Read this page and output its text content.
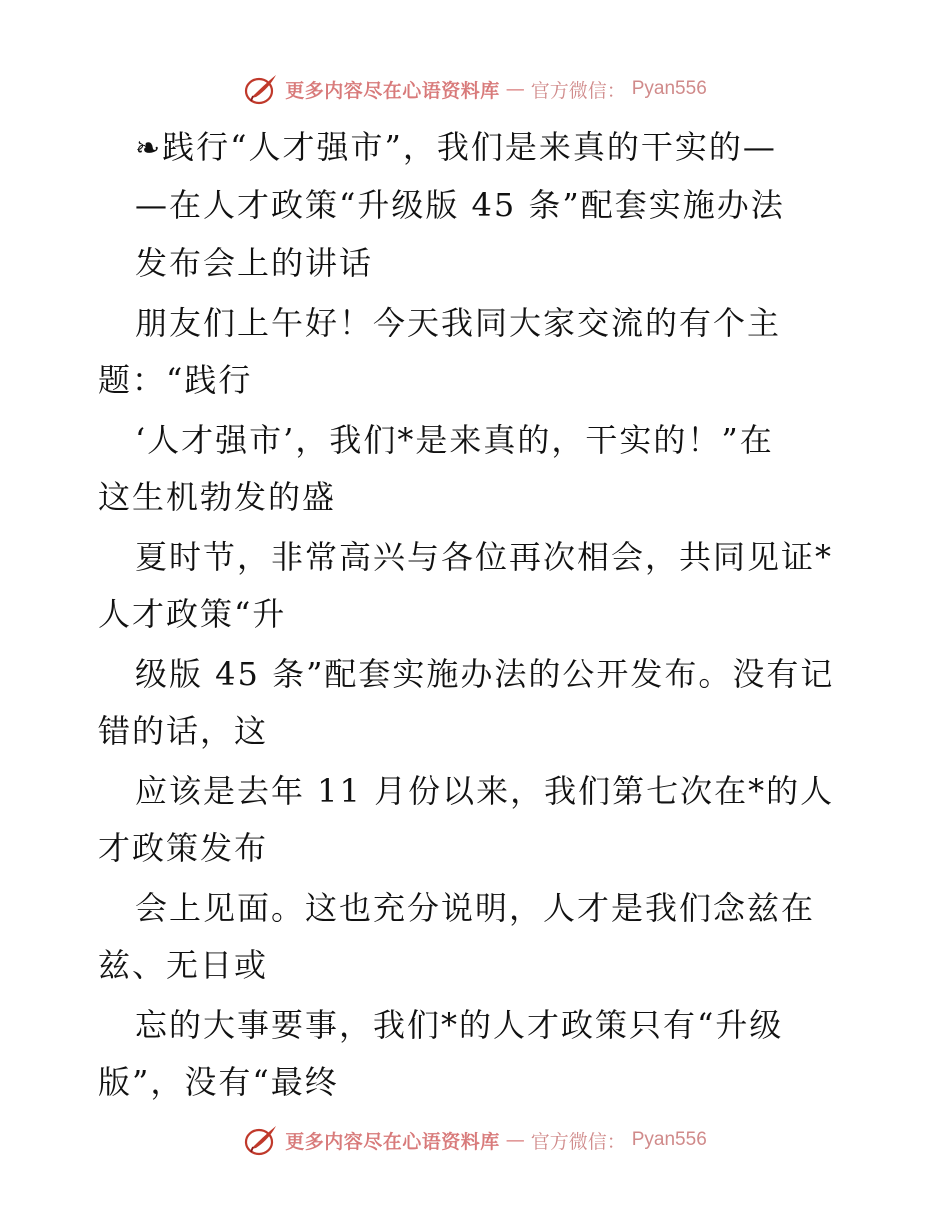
更多内容尽在心语资料库 — 官方微信： Pyan556
❧践行“人才强市”，我们是来真的干实的—
—在人才政策“升级版 45 条”配套实施办法
发布会上的讲话
朋友们上午好！今天我同大家交流的有个主
题：“践行
‘人才强市’，我们*是来真的，干实的！”在
这生机勃发的盛
夏时节，非常高兴与各位再次相会，共同见证*
人才政策“升
级版 45 条”配套实施办法的公开发布。没有记
错的话，这
应该是去年 11 月份以来，我们第七次在*的人
才政策发布
会上见面。这也充分说明，人才是我们念兹在
兹、无日或
忘的大事要事，我们*的人才政策只有“升级
版”，没有“最终
更多内容尽在心语资料库 — 官方微信： Pyan556
